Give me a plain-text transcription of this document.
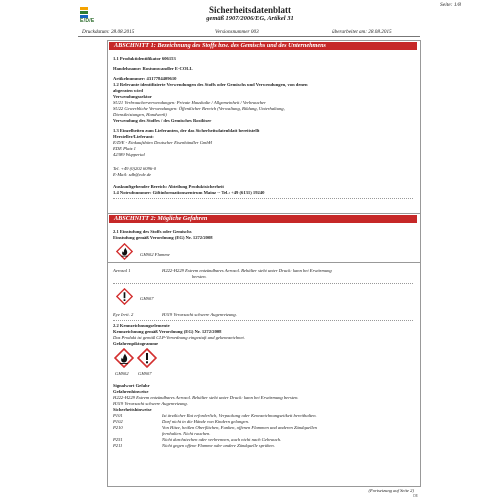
E/D/E
Seite: 1/8
Sicherheitsdatenblatt
gemäß 1907/2006/EG, Artikel 31
Druckdatum: 28.08.2015	Versionsnummer 003	überarbeitet am: 28.08.2015
ABSCHNITT 1: Bezeichnung des Stoffs bzw. des Gemischs und des Unternehmens
1.1 Produktidentifikator 606153
Handelsname: Rostumwandler E-COLL
Artikelnummer: 4317784409610
1.2 Relevante identifizierte Verwendungen des Stoffs oder Gemischs und Verwendungen, von denen
abgeraten wird
Verwendungssektor
SU21 Verbraucherverwendungen: Private Haushalte / Allgemeinheit / Verbraucher
SU22 Gewerbliche Verwendungen: Öffentlicher Bereich (Verwaltung, Bildung, Unterhaltung,
Dienstleistungen, Handwerk)
Verwendung des Stoffes / des Gemisches Rostlöser
1.3 Einzelheiten zum Lieferanten, der das Sicherheitsdatenblatt bereitstellt
Hersteller/Lieferant:
E/D/E - Einkaufsbüro Deutscher Eisenhändler GmbH
EDE Platz 1
42389 Wuppertal
Tel. +49 (0)202 6096-0
E-Mail: sdb@ede.de
Auskunftgebender Bereich: Abteilung Produktsicherheit
1.4 Notrufnummer: Giftinformationszentrum Mainz -- Tel.: +49 (6131) 19240
ABSCHNITT 2: Mögliche Gefahren
2.1 Einstufung des Stoffs oder Gemischs
Einstufung gemäß Verordnung (EG) Nr. 1272/2008
GHS02 Flamme
Aerosol 1	H222-H229 Extrem entzündbares Aerosol. Behälter steht unter Druck: kann bei Erwärmung
bersten.
GHS07
Eye Irrit. 2	H319 Verursacht schwere Augenreizung.
2.2 Kennzeichnungselemente
Kennzeichnung gemäß Verordnung (EG) Nr. 1272/2008
Das Produkt ist gemäß CLP-Verordnung eingestuft und gekennzeichnet.
Gefahrenpiktogramme
GHS02 GHS07
Signalwort Gefahr
Gefahrenhinweise
H222-H229 Extrem entzündbares Aerosol. Behälter steht unter Druck: kann bei Erwärmung bersten.
H319 Verursacht schwere Augenreizung.
Sicherheitshinweise
P101	Ist ärztlicher Rat erforderlich, Verpackung oder Kennzeichnungsetikett bereithalten.
P102	Darf nicht in die Hände von Kindern gelangen.
P210	Von Hitze, heißen Oberflächen, Funken, offenen Flammen und anderen Zündquellen
fernhalten. Nicht rauchen.
P251	Nicht durchstechen oder verbrennen, auch nicht nach Gebrauch.
P211	Nicht gegen offene Flamme oder andere Zündquelle sprühen.
(Fortsetzung auf Seite 2)
DE
